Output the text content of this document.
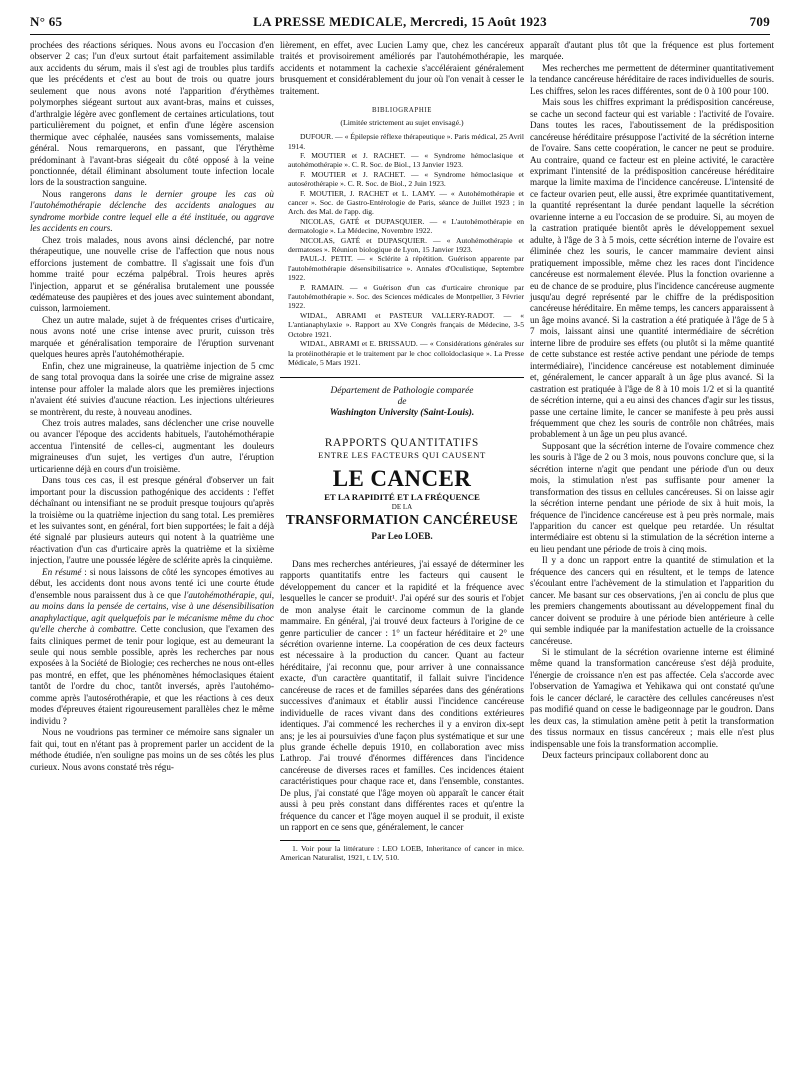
N° 65	LA PRESSE MEDICALE, Mercredi, 15 Août 1923	709

prochées des réactions sériques. Nous avons eu l'occasion d'en observer 2 cas; l'un d'eux surtout était parfaitement assimilable aux accidents du sérum, mais il s'est agi de troubles plus tardifs que les précédents et c'est au bout de trois ou quatre jours seulement que nous avons noté l'apparition d'érythèmes polymorphes siégeant surtout aux avant-bras, mains et cuisses, d'arthralgie légère avec gonflement de certaines articulations, tout particulièrement du poignet, et enfin d'une légère ascension thermique avec céphalée, nausées sans vomissements, malaise général. Nous remarquerons, en passant, que l'érythème prédominant à l'avant-bras siégeait du côté opposé à la veine ponctionnée, détail éliminant absolument toute infection locale lors de la soustraction sanguine.

Nous rangerons dans le dernier groupe les cas où l'autohémothérapie déclenche des accidents analogues au syndrome morbide contre lequel elle a été instituée, ou aggrave les accidents en cours.

Chez trois malades, nous avons ainsi déclenché, par notre thérapeutique, une nouvelle crise de l'affection que nous nous efforcions justement de combattre. Il s'agissait une fois d'un homme traité pour eczéma palpébral. Trois heures après l'injection, apparut et se généralisa brutalement une poussée œdémateuse des paupières et des joues avec suintement abondant, cuisson, larmoiement.

Chez un autre malade, sujet à de fréquentes crises d'urticaire, nous avons noté une crise intense avec prurit, cuisson très marquée et généralisation temporaire de l'éruption survenant quelques heures après l'autohémothérapie.

Enfin, chez une migraineuse, la quatrième injection de 5 cmc de sang total provoqua dans la soirée une crise de migraine assez intense pour affoler la malade alors que les premières injections n'avaient été suivies d'aucune réaction. Les injections ultérieures se montrèrent, du reste, à nouveau anodines.

Chez trois autres malades, sans déclencher une crise nouvelle ou avancer l'époque des accidents habituels, l'autohémothérapie accentua l'intensité de celles-ci, augmentant les douleurs migraineuses d'un sujet, les vertiges d'un autre, l'éruption urticarienne déjà en cours d'un troisième.

Dans tous ces cas, il est presque général d'observer un fait important pour la discussion pathogénique des accidents : l'effet déchaînant ou intensifiant ne se produit presque toujours qu'après la troisième ou la quatrième injection du sang total. Les premières et les suivantes sont, en général, fort bien supportées; le fait a déjà été signalé par plusieurs auteurs qui notent à la quatrième une réactivation d'un cas d'urticaire après la quatrième et la sixième injection, l'autre une poussée légère de sclérite après la cinquième.

En résumé : si nous laissons de côté les syncopes émotives au début, les accidents dont nous avons tenté ici une courte étude d'ensemble nous paraissent dus à ce que l'autohémothérapie, qui, au moins dans la pensée de certains, vise à une désensibilisation anaphylactique, agit quelquefois par le mécanisme même du choc qu'elle cherche à combattre. Cette conclusion, que l'examen des faits cliniques permet de tenir pour logique, est au demeurant la seule qui nous semble possible, après les recherches par nous exposées à la Société de Biologie; ces recherches ne nous ont-elles pas montré, en effet, que les phénomènes hémoclasiques étaient tantôt de l'ordre du choc, tantôt inversés, après l'autohémo- comme après l'autosérothérapie, et que les réactions à ces deux modes d'épreuves étaient rigoureusement parallèles chez le même individu ?

Nous ne voudrions pas terminer ce mémoire sans signaler un fait qui, tout en n'étant pas à proprement parler un accident de la méthode étudiée, n'en souligne pas moins un de ses côtés les plus curieux. Nous avons constaté très régu-

lièrement, en effet, avec Lucien Lamy que, chez les cancéreux traités et provisoirement améliorés par l'autohémothérapie, les accidents et notamment la cachexie s'accéléraient généralement brusquement et considérablement du jour où l'on venait à cesser le traitement.

BIBLIOGRAPHIE
(Limitée strictement au sujet envisagé.)

DUFOUR. — « Épilepsie réflexe thérapeutique ». Paris médical, 25 Avril 1914.

F. MOUTIER et J. RACHET. — « Syndrome hémoclasique et autohémothérapie ». C. R. Soc. de Biol., 13 Janvier 1923.

F. MOUTIER et J. RACHET. — « Syndrome hémoclasique et autosérothérapie ». C. R. Soc. de Biol., 2 Juin 1923.

F. MOUTIER, J. RACHET et L. LAMY. — « Autohémothérapie et cancer ». Soc. de Gastro-Entérologie de Paris, séance de Juillet 1923 ; in Arch. des Mal. de l'app. dig.

NICOLAS, GATÉ et DUPASQUIER. — « L'autohémothérapie en dermatologie ». La Médecine, Novembre 1922.

NICOLAS, GATÉ et DUPASQUIER. — « Autohémothérapie et dermatoses ». Réunion biologique de Lyon, 15 Janvier 1923.

PAUL-J. PETIT. — « Sclérite à répétition. Guérison apparente par l'autohémothérapie désensibilisatrice ». Annales d'Oculistique, Septembre 1922.

P. RAMAIN. — « Guérison d'un cas d'urticaire chronique par l'autohémothérapie ». Soc. des Sciences médicales de Montpellier, 3 Février 1922.

WIDAL, ABRAMI et PASTEUR VALLERY-RADOT. — « L'antianaphylaxie ». Rapport au XVe Congrès français de Médecine, 3-5 Octobre 1921.

WIDAL, ABRAMI et E. BRISSAUD. — « Considérations générales sur la protéinothérapie et le traitement par le choc colloïdoclasique ». La Presse Médicale, 5 Mars 1921.

Département de Pathologie comparée
de
Washington University (Saint-Louis).
RAPPORTS QUANTITATIFS
ENTRE LES FACTEURS QUI CAUSENT
LE CANCER
ET LA RAPIDITÉ ET LA FRÉQUENCE
DE LA
TRANSFORMATION CANCÉREUSE
Par Leo LOEB.

Dans mes recherches antérieures, j'ai essayé de déterminer les rapports quantitatifs entre les facteurs qui causent le développement du cancer et la rapidité et la fréquence avec lesquelles le cancer se produit¹. J'ai opéré sur des souris et l'objet de mon analyse était le carcinome commun de la glande mammaire. En général, j'ai trouvé deux facteurs à l'origine de ce genre particulier de cancer : 1° un facteur héréditaire et 2° une sécrétion ovarienne interne. La coopération de ces deux facteurs est nécessaire à la production du cancer. Quant au facteur héréditaire, j'ai reconnu que, pour arriver à une connaissance exacte, d'un caractère quantitatif, il fallait suivre l'incidence cancéreuse de races et de familles séparées dans des générations successives d'animaux et établir aussi l'incidence cancéreuse individuelle de races vivant dans des conditions extérieures identiques. J'ai commencé les recherches il y a environ dix-sept ans; je les ai poursuivies d'une façon plus systématique et sur une plus grande échelle depuis 1910, en collaboration avec miss Lathrop. J'ai trouvé d'énormes différences dans l'incidence cancéreuse de diverses races et familles. Ces incidences étaient caractéristiques pour chaque race et, dans l'ensemble, constantes. De plus, j'ai constaté que l'âge moyen où apparaît le cancer était aussi à peu près constant dans différentes races et qu'entre la fréquence du cancer et l'âge moyen auquel il se produit, il existe un rapport en ce sens que, généralement, le cancer

1. Voir pour la littérature : LEO LOEB, Inheritance of cancer in mice. American Naturalist, 1921, t. LV, 510.

apparaît d'autant plus tôt que la fréquence est plus fortement marquée.

Mes recherches me permettent de déterminer quantitativement la tendance cancéreuse héréditaire de races individuelles de souris. Les chiffres, selon les races différentes, sont de 0 à 100 pour 100.

Mais sous les chiffres exprimant la prédisposition cancéreuse, se cache un second facteur qui est variable : l'activité de l'ovaire. Dans toutes les races, l'aboutissement de la prédisposition cancéreuse héréditaire présuppose l'activité de la sécrétion interne de l'ovaire. Sans cette coopération, le cancer ne peut se produire. Au contraire, quand ce facteur est en pleine activité, le caractère exprimant l'intensité de la prédisposition cancéreuse héréditaire marque la limite maxima de l'incidence cancéreuse. L'intensité de ce facteur ovarien peut, elle aussi, être exprimée quantitativement, la quantité représentant la durée pendant laquelle la sécrétion ovarienne interne a eu l'occasion de se produire. Si, au moyen de la castration pratiquée bientôt après le développement sexuel adulte, à l'âge de 3 à 5 mois, cette sécrétion interne de l'ovaire est éliminée chez les souris, le cancer mammaire devient ainsi pratiquement impossible, même chez les races dont l'incidence cancéreuse est normalement élevée. Plus la fonction ovarienne a eu de chance de se produire, plus l'incidence cancéreuse augmente jusqu'au degré représenté par le chiffre de la prédisposition cancéreuse héréditaire. En même temps, les cancers apparaissent à un âge moins avancé. Si la castration a été pratiquée à l'âge de 5 à 7 mois, laissant ainsi une quantité intermédiaire de sécrétion interne libre de produire ses effets (ou plutôt si la même quantité de cette substance est restée active pendant une période de temps intermédiaire), l'incidence cancéreuse est notablement diminuée et, généralement, le cancer apparaît à un âge plus avancé. Si la castration est pratiquée à l'âge de 8 à 10 mois 1/2 et si la quantité de sécrétion interne, qui a eu ainsi des chances d'agir sur les tissus, passe une certaine limite, le cancer se manifeste à peu près aussi fréquemment que chez les souris de contrôle non châtrées, mais probablement à un âge un peu plus avancé.

Supposant que la sécrétion interne de l'ovaire commence chez les souris à l'âge de 2 ou 3 mois, nous pouvons conclure que, si la sécrétion interne n'agit que pendant une période d'un ou deux mois, la stimulation n'est pas suffisante pour amener la transformation des tissus en cellules cancéreuses. Si on laisse agir la sécrétion interne pendant une période de six à huit mois, la fréquence de l'incidence cancéreuse est à peu près normale, mais l'apparition du cancer est quelque peu retardée. Un résultat intermédiaire est obtenu si la stimulation de la sécrétion interne a eu lieu pendant une période de trois à cinq mois.

Il y a donc un rapport entre la quantité de stimulation et la fréquence des cancers qui en résultent, et le temps de latence s'écoulant entre l'achèvement de la stimulation et l'apparition du cancer. Me basant sur ces observations, j'en ai conclu de plus que les premiers changements aboutissant au développement final du cancer doivent se produire à une période bien antérieure à celle qui semble indiquée par la manifestation actuelle de la croissance cancéreuse.

Si le stimulant de la sécrétion ovarienne interne est éliminé même quand la transformation cancéreuse s'est déjà produite, l'énergie de croissance n'en est pas affectée. Cela s'accorde avec l'observation de Yamagiwa et Yehikawa qui ont constaté qu'une fois le cancer déclaré, le caractère des cellules cancéreuses n'est pas modifié quand on cesse le badigeonnage par le goudron. Dans les deux cas, la stimulation amène petit à petit la transformation des tissus normaux en tissus cancéreux ; mais elle n'est plus indispensable une fois la transformation accomplie.

Deux facteurs principaux collaborent donc au
